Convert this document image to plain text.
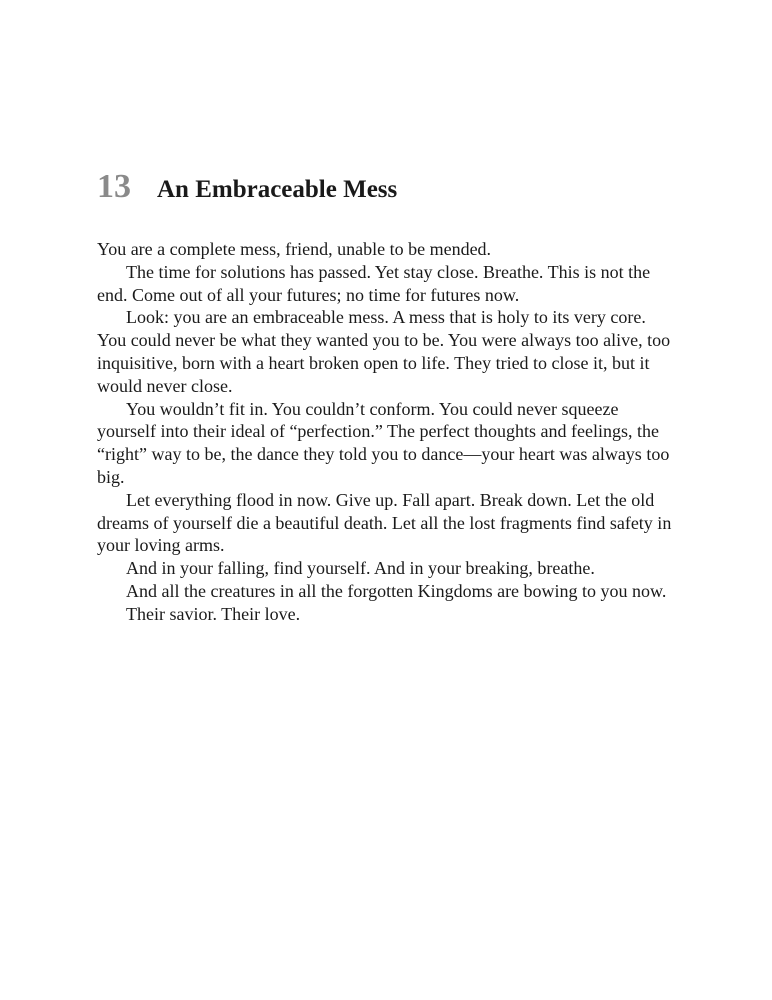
13 An Embraceable Mess

You are a complete mess, friend, unable to be mended.

The time for solutions has passed. Yet stay close. Breathe. This is not the end. Come out of all your futures; no time for futures now.

Look: you are an embraceable mess. A mess that is holy to its very core. You could never be what they wanted you to be. You were always too alive, too inquisitive, born with a heart broken open to life. They tried to close it, but it would never close.

You wouldn’t fit in. You couldn’t conform. You could never squeeze yourself into their ideal of “perfection.” The perfect thoughts and feelings, the “right” way to be, the dance they told you to dance—your heart was always too big.

Let everything flood in now. Give up. Fall apart. Break down. Let the old dreams of yourself die a beautiful death. Let all the lost fragments find safety in your loving arms.

And in your falling, find yourself. And in your breaking, breathe.

And all the creatures in all the forgotten Kingdoms are bowing to you now.

Their savior. Their love.
